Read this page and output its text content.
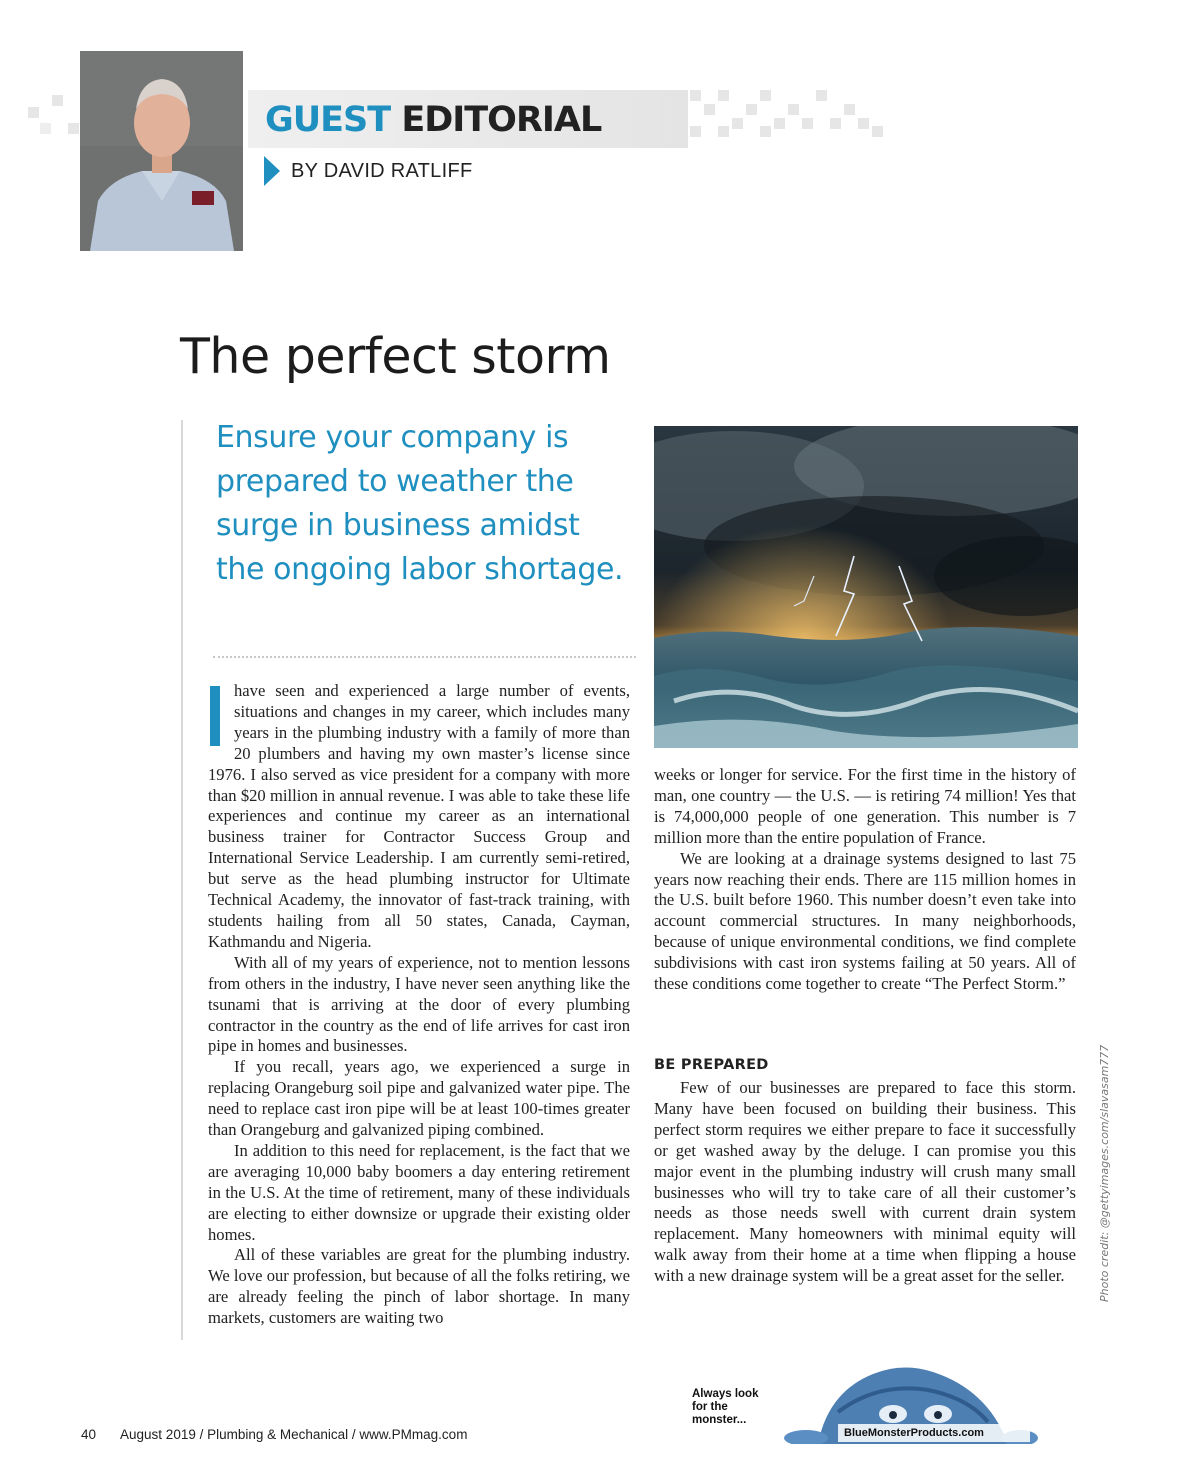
GUEST EDITORIAL
BY DAVID RATLIFF
The perfect storm

Ensure your company is prepared to weather the surge in business amidst the ongoing labor shortage.

have seen and experienced a large number of events, situations and changes in my career, which includes many years in the plumbing industry with a family of more than 20 plumbers and having my own master’s license since 1976. I also served as vice president for a company with more than $20 million in annual revenue. I was able to take these life experiences and continue my career as an international business trainer for Contractor Success Group and International Service Leadership. I am currently semi-retired, but serve as the head plumbing instructor for Ultimate Technical Academy, the innovator of fast-track training, with students hailing from all 50 states, Canada, Cayman, Kathmandu and Nigeria.

With all of my years of experience, not to mention lessons from others in the industry, I have never seen anything like the tsunami that is arriving at the door of every plumbing contractor in the country as the end of life arrives for cast iron pipe in homes and businesses.

If you recall, years ago, we experienced a surge in replacing Orangeburg soil pipe and galvanized water pipe. The need to replace cast iron pipe will be at least 100-times greater than Orangeburg and galvanized piping combined.

In addition to this need for replacement, is the fact that we are averaging 10,000 baby boomers a day entering retirement in the U.S. At the time of retirement, many of these individuals are electing to either downsize or upgrade their existing older homes.

All of these variables are great for the plumbing industry. We love our profession, but because of all the folks retiring, we are already feeling the pinch of labor shortage. In many markets, customers are waiting two

weeks or longer for service. For the first time in the history of man, one country — the U.S. — is retiring 74 million! Yes that is 74,000,000 people of one generation. This number is 7 million more than the entire population of France.

We are looking at a drainage systems designed to last 75 years now reaching their ends. There are 115 million homes in the U.S. built before 1960. This number doesn’t even take into account commercial structures. In many neighborhoods, because of unique environmental conditions, we find complete subdivisions with cast iron systems failing at 50 years. All of these conditions come together to create “The Perfect Storm.”

BE PREPARED

Few of our businesses are prepared to face this storm. Many have been focused on building their business. This perfect storm requires we either prepare to face it successfully or get washed away by the deluge. I can promise you this major event in the plumbing industry will crush many small businesses who will try to take care of all their customer’s needs as those needs swell with current drain system replacement. Many homeowners with minimal equity will walk away from their home at a time when flipping a house with a new drainage system will be a great asset for the seller.	Photo credit: @gettyimages.com/slavasam777
Always look for the monster...
BlueMonsterProducts.com
40 August 2019 / Plumbing & Mechanical / www.PMmag.com
